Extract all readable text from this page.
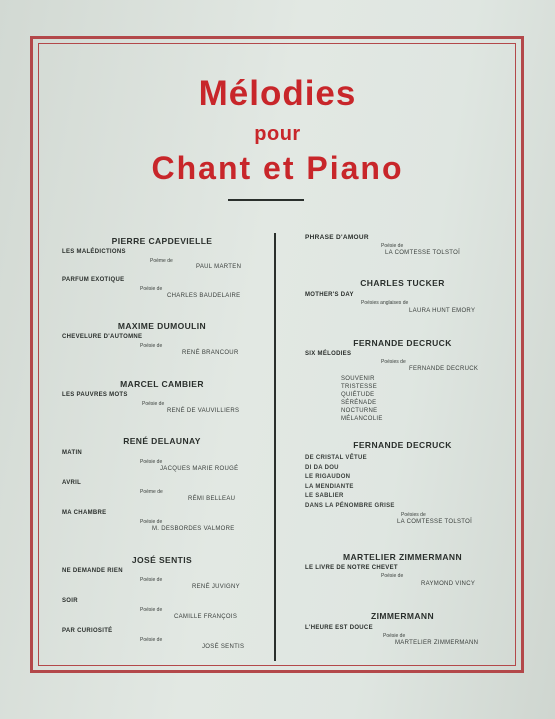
Mélodies
pour
Chant et Piano
PIERRE CAPDEVIELLE
LES MALÉDICTIONS
Poème de
PAUL MARTEN
PARFUM EXOTIQUE
Poésie de
CHARLES BAUDELAIRE
MAXIME DUMOULIN
CHEVELURE D'AUTOMNE
Poésie de
RENÉ BRANCOUR
MARCEL CAMBIER
LES PAUVRES MOTS
Poésie de
RENÉ DE VAUVILLIERS
RENÉ DELAUNAY
MATIN
Poésie de
JACQUES MARIE ROUGÉ
AVRIL
Poème de
RÉMI BELLEAU
MA CHAMBRE
Poésie de
M. DESBORDES VALMORE
JOSÉ SENTIS
NE DEMANDE RIEN
Poésie de
RENÉ JUVIGNY
SOIR
Poésie de
CAMILLE FRANÇOIS
PAR CURIOSITÉ
Poésie de
JOSÉ SENTIS
PHRASE D'AMOUR
Poésie de
LA COMTESSE TOLSTOÏ
CHARLES TUCKER
MOTHER'S DAY
Poésies anglaises de
LAURA HUNT EMORY
FERNANDE DECRUCK
SIX MÉLODIES
Poésies de
FERNANDE DECRUCK
SOUVENIR
TRISTESSE
QUIÉTUDE
SÉRÉNADE
NOCTURNE
MÉLANCOLIE
FERNANDE DECRUCK
DE CRISTAL VÊTUE
DI DA DOU
LE RIGAUDON
LA MENDIANTE
LE SABLIER
DANS LA PÉNOMBRE GRISE
Poésies de
LA COMTESSE TOLSTOÏ
MARTELIER ZIMMERMANN
LE LIVRE DE NOTRE CHEVET
Poésie de
RAYMOND VINCY
ZIMMERMANN
L'HEURE EST DOUCE
Poésie de
MARTELIER ZIMMERMANN
